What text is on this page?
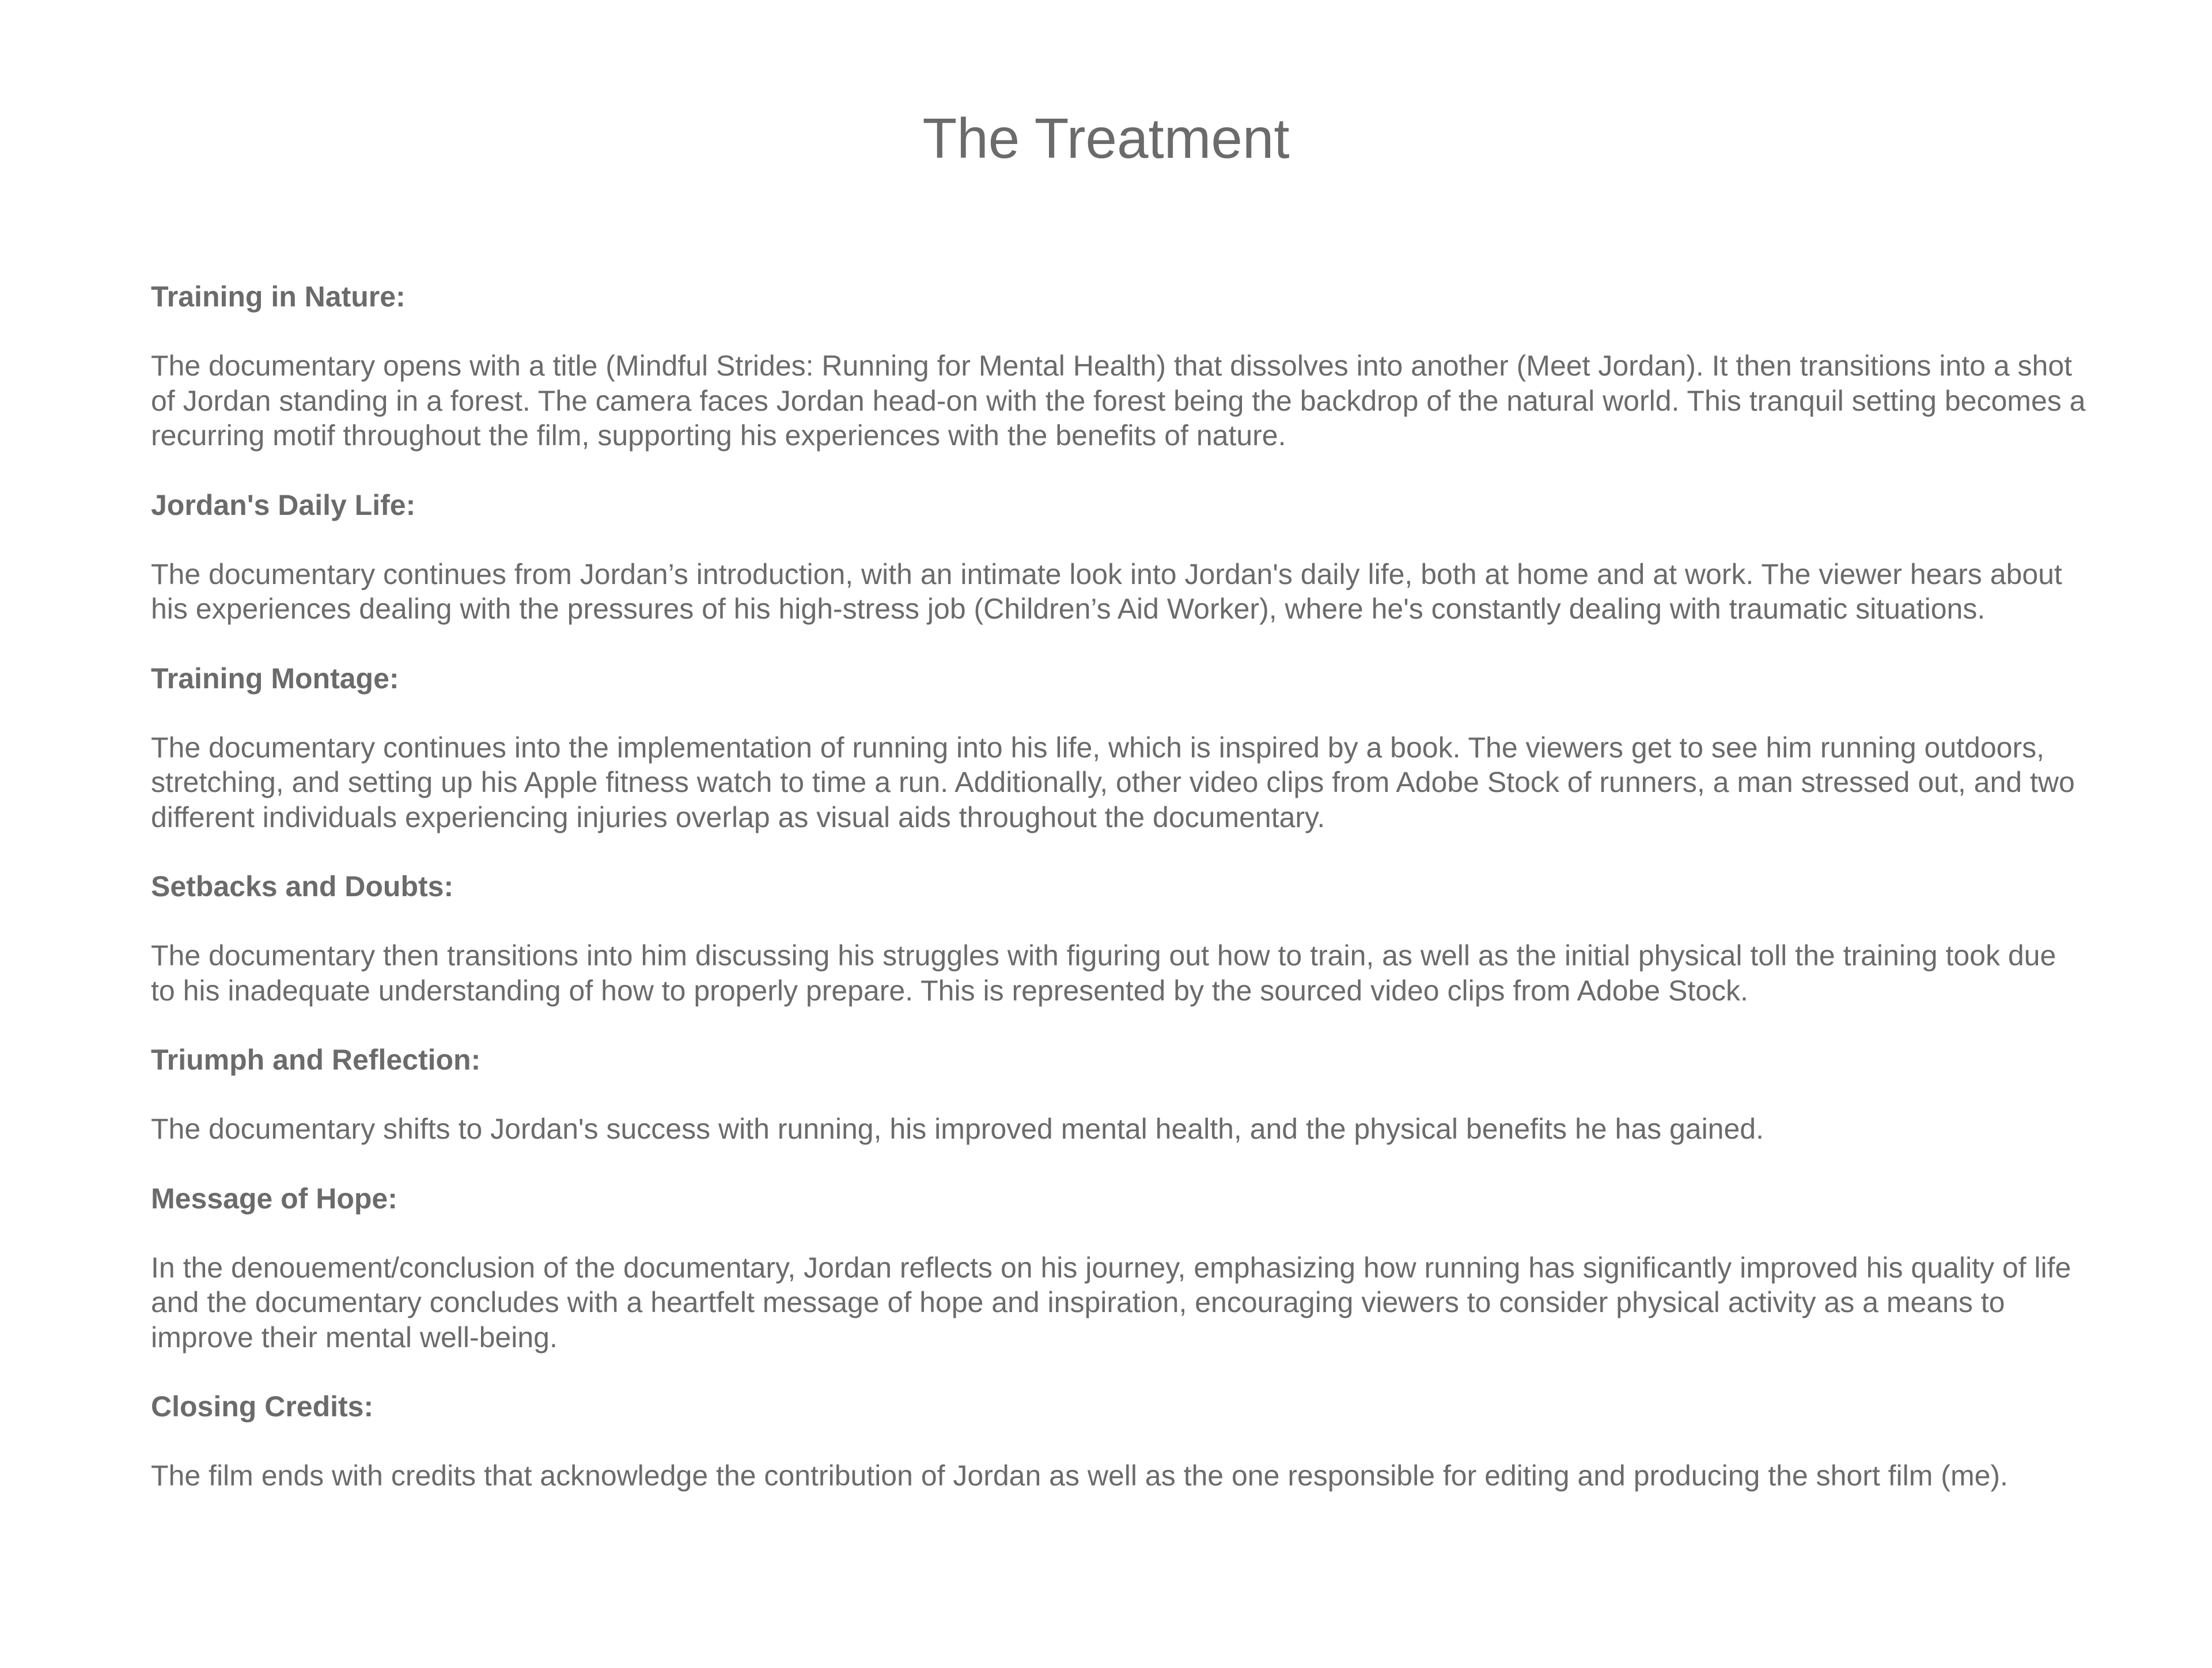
The Treatment

Training in Nature:

The documentary opens with a title (Mindful Strides: Running for Mental Health) that dissolves into another (Meet Jordan). It then transitions into a shot of Jordan standing in a forest. The camera faces Jordan head-on with the forest being the backdrop of the natural world. This tranquil setting becomes a recurring motif throughout the film, supporting his experiences with the benefits of nature.

Jordan's Daily Life:

The documentary continues from Jordan’s introduction, with an intimate look into Jordan's daily life, both at home and at work. The viewer hears about his experiences dealing with the pressures of his high-stress job (Children’s Aid Worker), where he's constantly dealing with traumatic situations.

Training Montage:

The documentary continues into the implementation of running into his life, which is inspired by a book. The viewers get to see him running outdoors, stretching, and setting up his Apple fitness watch to time a run. Additionally, other video clips from Adobe Stock of runners, a man stressed out, and two different individuals experiencing injuries overlap as visual aids throughout the documentary.

Setbacks and Doubts:

The documentary then transitions into him discussing his struggles with figuring out how to train, as well as the initial physical toll the training took due to his inadequate understanding of how to properly prepare. This is represented by the sourced video clips from Adobe Stock.

Triumph and Reflection:

The documentary shifts to Jordan's success with running, his improved mental health, and the physical benefits he has gained.

Message of Hope:

In the denouement/conclusion of the documentary, Jordan reflects on his journey, emphasizing how running has significantly improved his quality of life and the documentary concludes with a heartfelt message of hope and inspiration, encouraging viewers to consider physical activity as a means to improve their mental well-being.

Closing Credits:

The film ends with credits that acknowledge the contribution of Jordan as well as the one responsible for editing and producing the short film (me).
